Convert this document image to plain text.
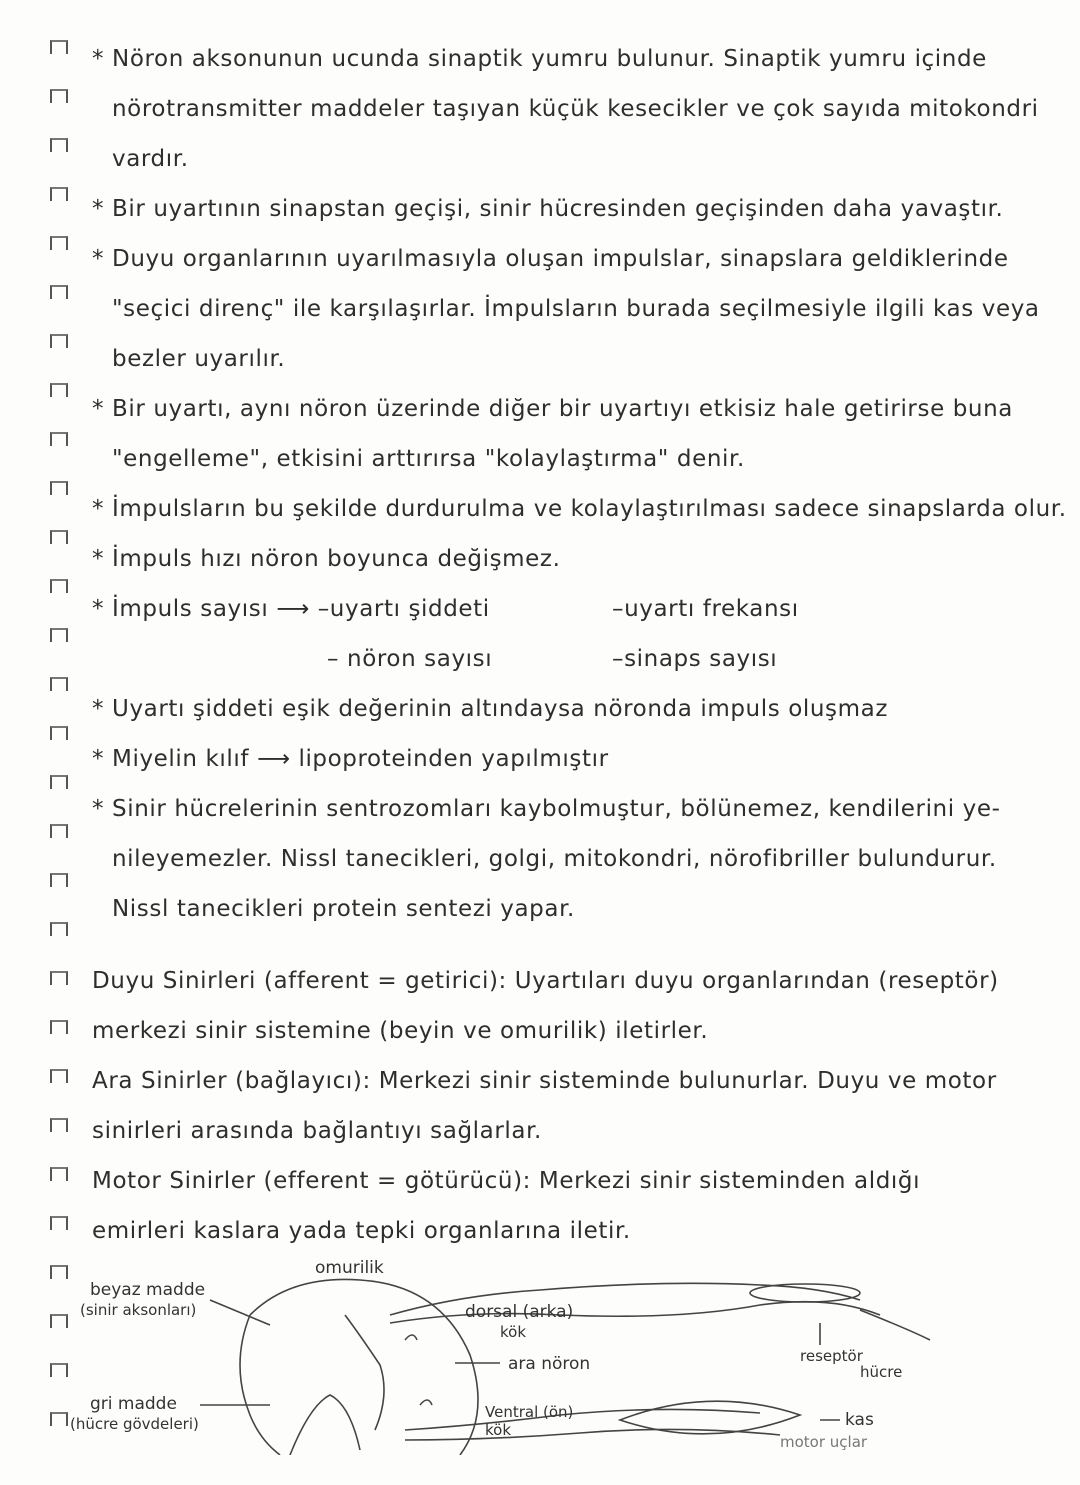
* Nöron aksonunun ucunda sinaptik yumru bulunur. Sinaptik yumru içinde
nörotransmitter maddeler taşıyan küçük kesecikler ve çok sayıda mitokondri
vardır.
* Bir uyartının sinapstan geçişi, sinir hücresinden geçişinden daha yavaştır.
* Duyu organlarının uyarılmasıyla oluşan impulslar, sinapslara geldiklerinde
"seçici direnç" ile karşılaşırlar. İmpulsların burada seçilmesiyle ilgili kas veya
bezler uyarılır.
* Bir uyartı, aynı nöron üzerinde diğer bir uyartıyı etkisiz hale getirirse buna
"engelleme", etkisini arttırırsa "kolaylaştırma" denir.
* İmpulsların bu şekilde durdurulma ve kolaylaştırılması sadece sinapslarda olur.
* İmpuls hızı nöron boyunca değişmez.
* İmpuls sayısı ⟶ –uyartı şiddeti	–uyartı frekansı
– nöron sayısı	–sinaps sayısı
* Uyartı şiddeti eşik değerinin altındaysa nöronda impuls oluşmaz
* Miyelin kılıf ⟶ lipoproteinden yapılmıştır
* Sinir hücrelerinin sentrozomları kaybolmuştur, bölünemez, kendilerini ye-
nileyemezler. Nissl tanecikleri, golgi, mitokondri, nörofibriller bulundurur.
Nissl tanecikleri protein sentezi yapar.
Duyu Sinirleri (afferent = getirici): Uyartıları duyu organlarından (reseptör)
merkezi sinir sistemine (beyin ve omurilik) iletirler.
Ara Sinirler (bağlayıcı): Merkezi sinir sisteminde bulunurlar. Duyu ve motor
sinirleri arasında bağlantıyı sağlarlar.
Motor Sinirler (efferent = götürücü): Merkezi sinir sisteminden aldığı
emirleri kaslara yada tepki organlarına iletir.
omurilik
beyaz madde
(sinir aksonları)	dorsal (arka)
kök
ara nöron	reseptör
hücre
gri madde
(hücre gövdeleri)
Ventral (ön)
kök	kas
motor uçlar
